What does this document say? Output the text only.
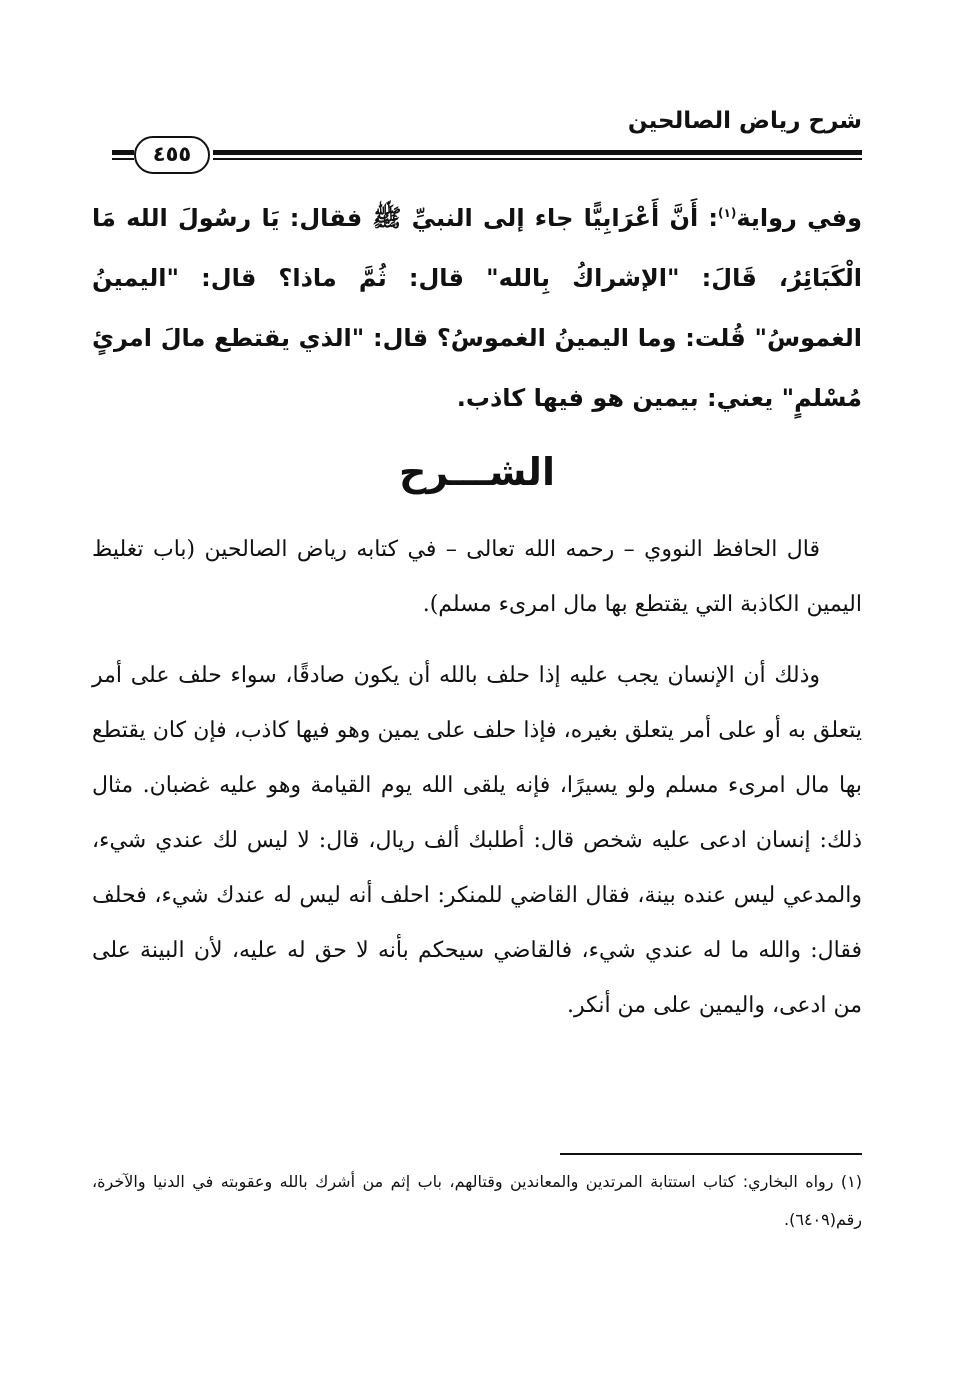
شرح رياض الصالحين
٤٥٥
وفي رواية$^{(١)}$: أَنَّ أَعْرَابِيًّا جاء إلى النبيِّ ﷺ فقال: يَا رسُولَ الله مَا الْكَبَائِرُ، قَالَ: "الإشراكُ بِالله" قال: ثُمَّ ماذا؟ قال: "اليمينُ الغموسُ" قُلت: وما اليمينُ الغموسُ؟ قال: "الذي يقتطع مالَ امرئٍ مُسْلمٍ" يعني: بيمين هو فيها كاذب.
الشـــرح
قال الحافظ النووي – رحمه الله تعالى – في كتابه رياض الصالحين (باب تغليظ اليمين الكاذبة التي يقتطع بها مال امرىء مسلم).
وذلك أن الإنسان يجب عليه إذا حلف بالله أن يكون صادقًا، سواء حلف على أمر يتعلق به أو على أمر يتعلق بغيره، فإذا حلف على يمين وهو فيها كاذب، فإن كان يقتطع بها مال امرىء مسلم ولو يسيرًا، فإنه يلقى الله يوم القيامة وهو عليه غضبان. مثال ذلك: إنسان ادعى عليه شخص قال: أطلبك ألف ريال، قال: لا ليس لك عندي شيء، والمدعي ليس عنده بينة، فقال القاضي للمنكر: احلف أنه ليس له عندك شيء، فحلف فقال: والله ما له عندي شيء، فالقاضي سيحكم بأنه لا حق له عليه، لأن البينة على من ادعى، واليمين على من أنكر.
(١) رواه البخاري: كتاب استتابة المرتدين والمعاندين وقتالهم، باب إثم من أشرك بالله وعقوبته في الدنيا والآخرة، رقم(٦٤٠٩).
